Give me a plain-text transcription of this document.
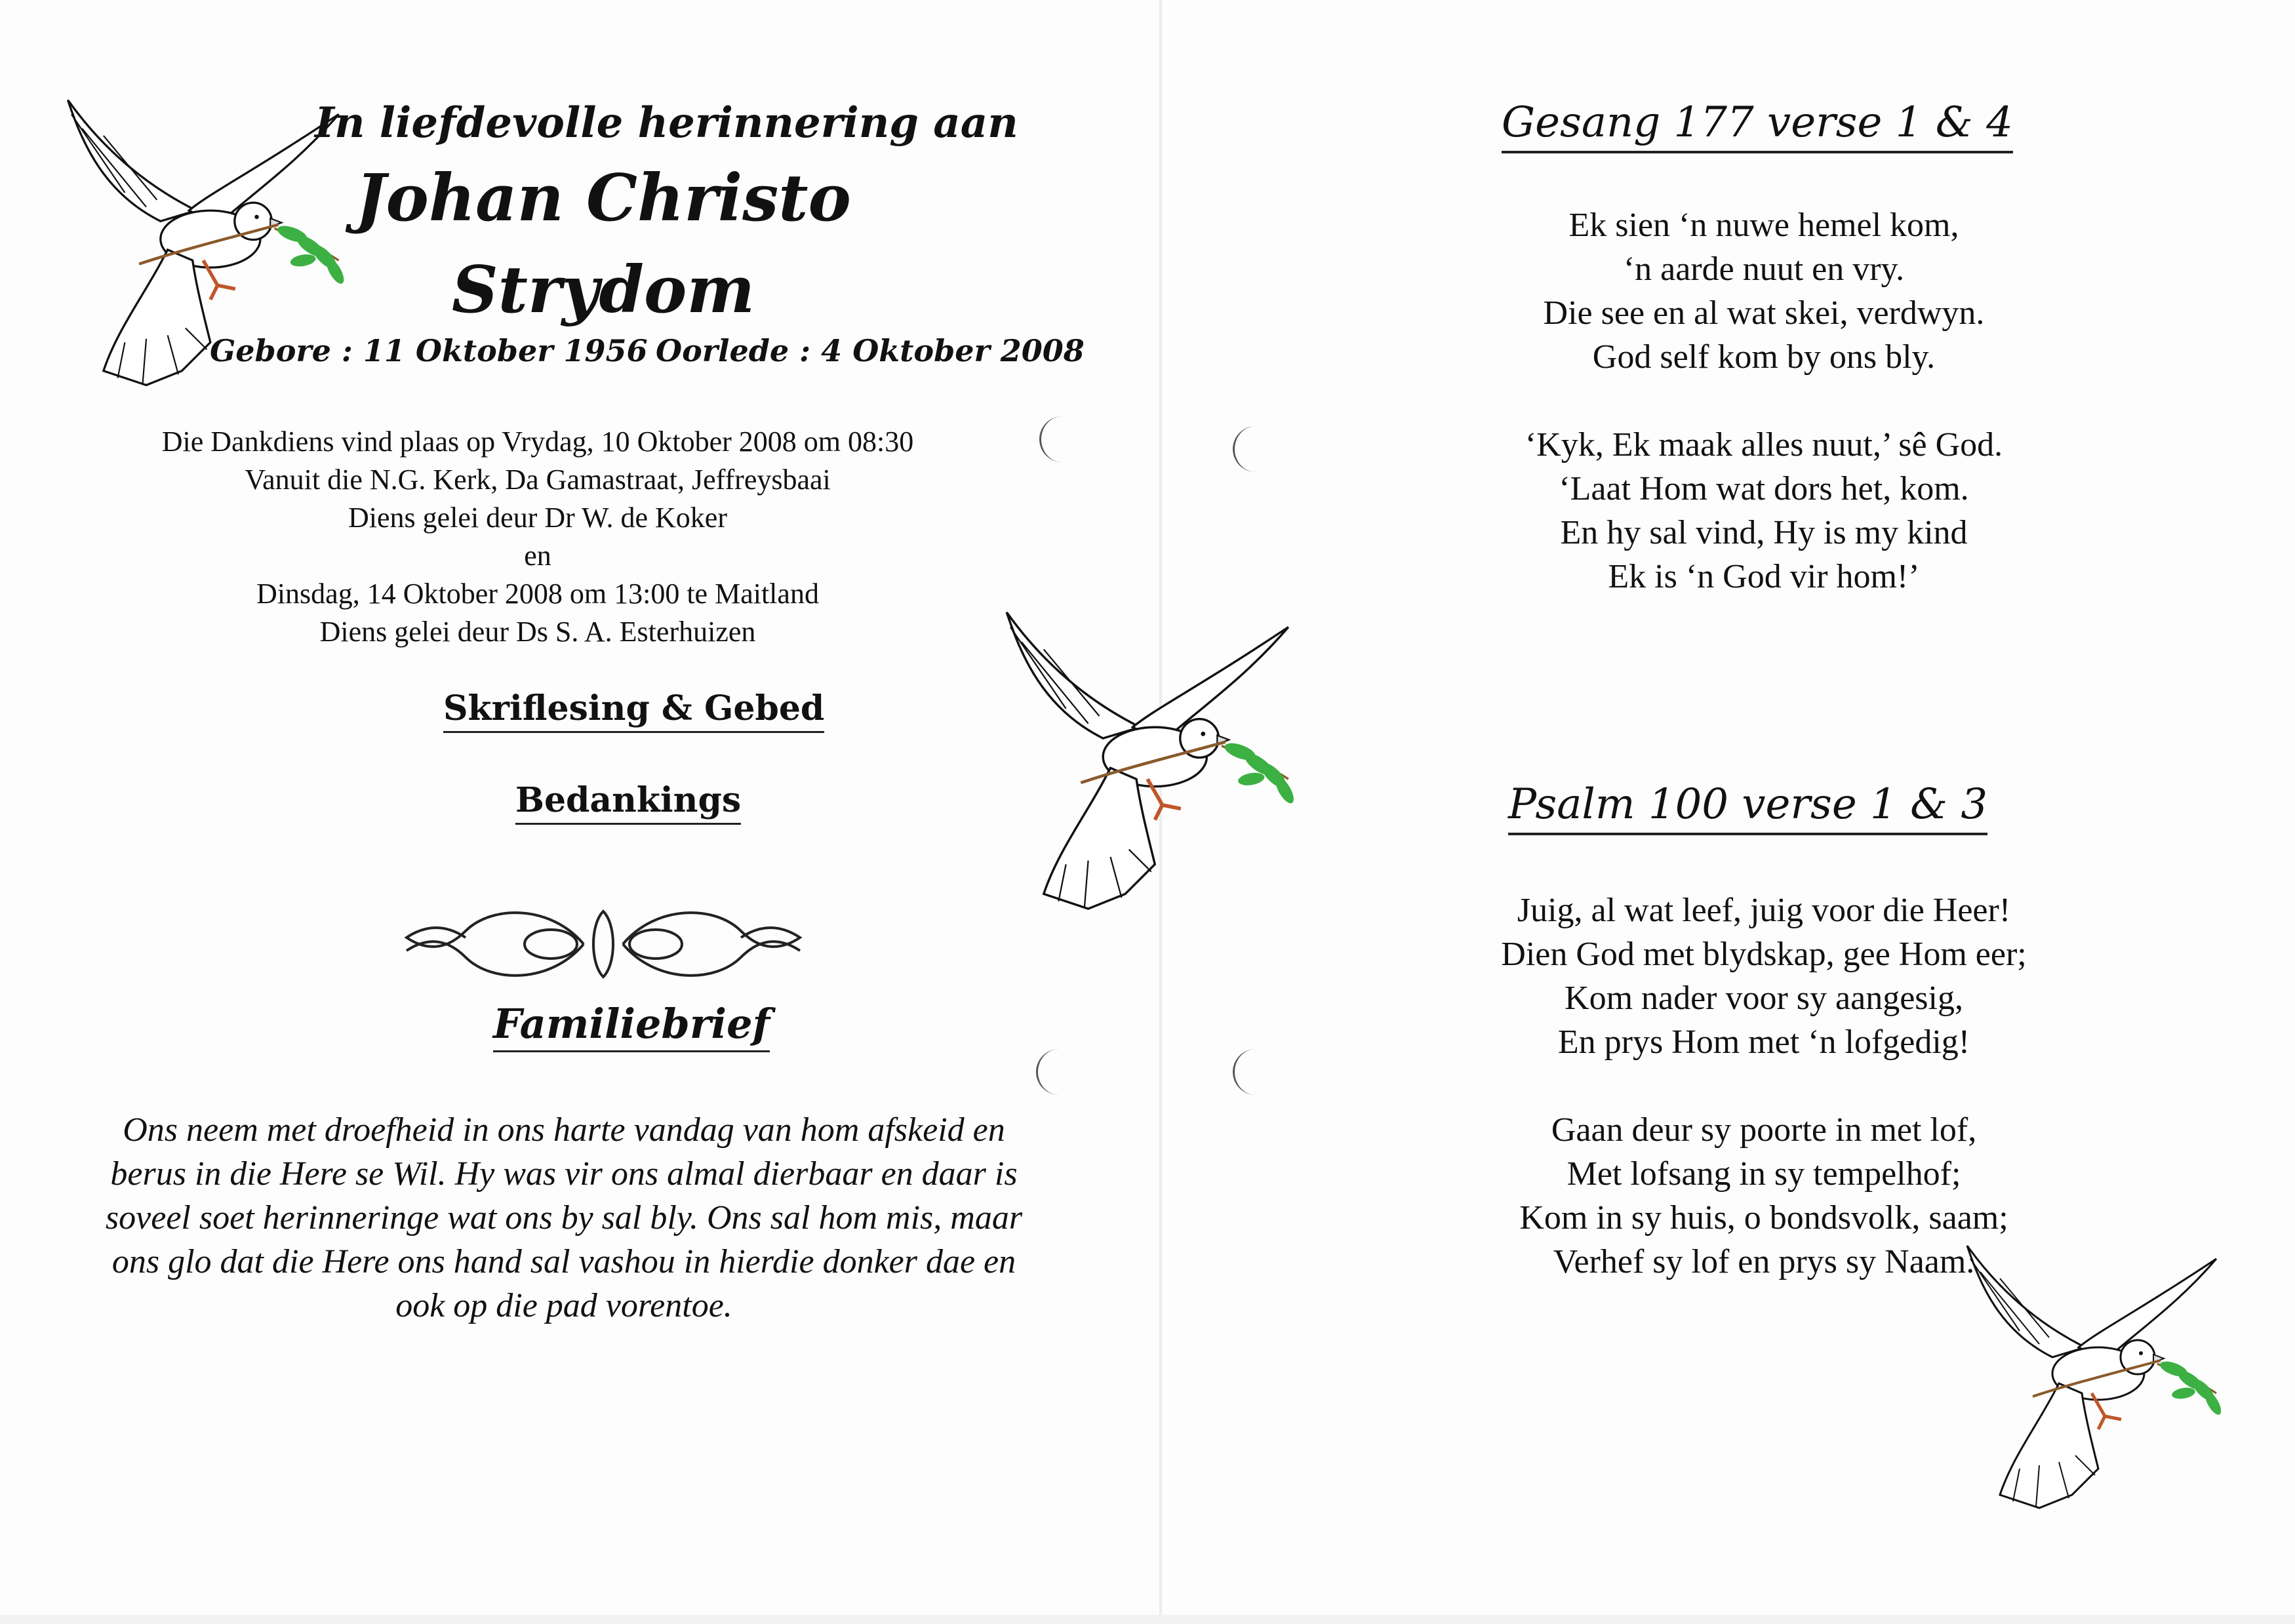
In liefdevolle herinnering aan
Johan Christo
Strydom
Gebore : 11 Oktober 1956 Oorlede : 4 Oktober 2008
Die Dankdiens vind plaas op Vrydag, 10 Oktober 2008 om 08:30
Vanuit die N.G. Kerk, Da Gamastraat, Jeffreysbaai
Diens gelei deur Dr W. de Koker
en
Dinsdag, 14 Oktober 2008 om 13:00 te Maitland
Diens gelei deur Ds S. A. Esterhuizen
Skriflesing & Gebed
Bedankings
Familiebrief
Ons neem met droefheid in ons harte vandag van hom afskeid en berus in die Here se Wil. Hy was vir ons almal dierbaar en daar is soveel soet herinneringe wat ons by sal bly. Ons sal hom mis, maar ons glo dat die Here ons hand sal vashou in hierdie donker dae en ook op die pad vorentoe.
Gesang 177 verse 1 & 4
Ek sien ‘n nuwe hemel kom,
‘n aarde nuut en vry.
Die see en al wat skei, verdwyn.
God self kom by ons bly.
‘Kyk, Ek maak alles nuut,’ sê God.
‘Laat Hom wat dors het, kom.
En hy sal vind, Hy is my kind
Ek is ‘n God vir hom!’
Psalm 100 verse 1 & 3
Juig, al wat leef, juig voor die Heer!
Dien God met blydskap, gee Hom eer;
Kom nader voor sy aangesig,
En prys Hom met ‘n lofgedig!
Gaan deur sy poorte in met lof,
Met lofsang in sy tempelhof;
Kom in sy huis, o bondsvolk, saam;
Verhef sy lof en prys sy Naam.
